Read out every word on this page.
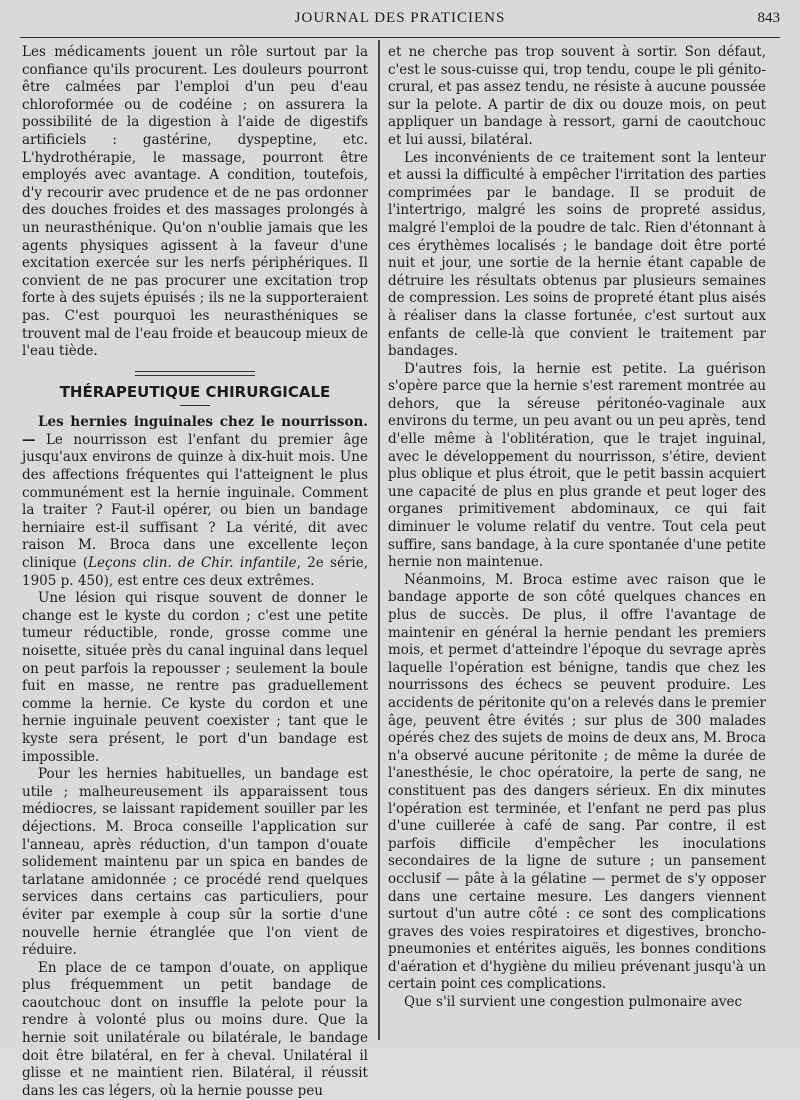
JOURNAL DES PRATICIENS	843

Les médicaments jouent un rôle surtout par la confiance qu'ils procurent. Les douleurs pourront être calmées par l'emploi d'un peu d'eau chloroformée ou de codéine ; on assurera la possibilité de la digestion à l'aide de digestifs artificiels : gastérine, dyspeptine, etc. L'hydrothérapie, le massage, pourront être employés avec avantage. A condition, toutefois, d'y recourir avec prudence et de ne pas ordonner des douches froides et des massages prolongés à un neurasthénique. Qu'on n'oublie jamais que les agents physiques agissent à la faveur d'une excitation exercée sur les nerfs périphériques. Il convient de ne pas procurer une excitation trop forte à des sujets épuisés ; ils ne la supporteraient pas. C'est pourquoi les neurasthéniques se trouvent mal de l'eau froide et beaucoup mieux de l'eau tiède.

THÉRAPEUTIQUE CHIRURGICALE

Les hernies inguinales chez le nourrisson. — Le nourrisson est l'enfant du premier âge jusqu'aux environs de quinze à dix-huit mois. Une des affections fréquentes qui l'atteignent le plus communément est la hernie inguinale. Comment la traiter ? Faut-il opérer, ou bien un bandage herniaire est-il suffisant ? La vérité, dit avec raison M. Broca dans une excellente leçon clinique (Leçons clin. de Chir. infantile, 2e série, 1905 p. 450), est entre ces deux extrêmes.

Une lésion qui risque souvent de donner le change est le kyste du cordon ; c'est une petite tumeur réductible, ronde, grosse comme une noisette, située près du canal inguinal dans lequel on peut parfois la repousser ; seulement la boule fuit en masse, ne rentre pas graduellement comme la hernie. Ce kyste du cordon et une hernie inguinale peuvent coexister ; tant que le kyste sera présent, le port d'un bandage est impossible.

Pour les hernies habituelles, un bandage est utile ; malheureusement ils apparaissent tous médiocres, se laissant rapidement souiller par les déjections. M. Broca conseille l'application sur l'anneau, après réduction, d'un tampon d'ouate solidement maintenu par un spica en bandes de tarlatane amidonnée ; ce procédé rend quelques services dans certains cas particuliers, pour éviter par exemple à coup sûr la sortie d'une nouvelle hernie étranglée que l'on vient de réduire.

En place de ce tampon d'ouate, on applique plus fréquemment un petit bandage de caoutchouc dont on insuffle la pelote pour la rendre à volonté plus ou moins dure. Que la hernie soit unilatérale ou bilatérale, le bandage doit être bilatéral, en fer à cheval. Unilatéral il glisse et ne maintient rien. Bilatéral, il réussit dans les cas légers, où la hernie pousse peu

et ne cherche pas trop souvent à sortir. Son défaut, c'est le sous-cuisse qui, trop tendu, coupe le pli génito-crural, et pas assez tendu, ne résiste à aucune poussée sur la pelote. A partir de dix ou douze mois, on peut appliquer un bandage à ressort, garni de caoutchouc et lui aussi, bilatéral.

Les inconvénients de ce traitement sont la lenteur et aussi la difficulté à empêcher l'irritation des parties comprimées par le bandage. Il se produit de l'intertrigo, malgré les soins de propreté assidus, malgré l'emploi de la poudre de talc. Rien d'étonnant à ces érythèmes localisés ; le bandage doit être porté nuit et jour, une sortie de la hernie étant capable de détruire les résultats obtenus par plusieurs semaines de compression. Les soins de propreté étant plus aisés à réaliser dans la classe fortunée, c'est surtout aux enfants de celle-là que convient le traitement par bandages.

D'autres fois, la hernie est petite. La guérison s'opère parce que la hernie s'est rarement montrée au dehors, que la séreuse péritonéo-vaginale aux environs du terme, un peu avant ou un peu après, tend d'elle même à l'oblitération, que le trajet inguinal, avec le développement du nourrisson, s'étire, devient plus oblique et plus étroit, que le petit bassin acquiert une capacité de plus en plus grande et peut loger des organes primitivement abdominaux, ce qui fait diminuer le volume relatif du ventre. Tout cela peut suffire, sans bandage, à la cure spontanée d'une petite hernie non maintenue.

Néanmoins, M. Broca estime avec raison que le bandage apporte de son côté quelques chances en plus de succès. De plus, il offre l'avantage de maintenir en général la hernie pendant les premiers mois, et permet d'atteindre l'époque du sevrage après laquelle l'opération est bénigne, tandis que chez les nourrissons des échecs se peuvent produire. Les accidents de péritonite qu'on a relevés dans le premier âge, peuvent être évités ; sur plus de 300 malades opérés chez des sujets de moins de deux ans, M. Broca n'a observé aucune péritonite ; de même la durée de l'anesthésie, le choc opératoire, la perte de sang, ne constituent pas des dangers sérieux. En dix minutes l'opération est terminée, et l'enfant ne perd pas plus d'une cuillerée à café de sang. Par contre, il est parfois difficile d'empêcher les inoculations secondaires de la ligne de suture ; un pansement occlusif — pâte à la gélatine — permet de s'y opposer dans une certaine mesure. Les dangers viennent surtout d'un autre côté : ce sont des complications graves des voies respiratoires et digestives, broncho-pneumonies et entérites aiguës, les bonnes conditions d'aération et d'hygiène du milieu prévenant jusqu'à un certain point ces complications.

Que s'il survient une congestion pulmonaire avec
